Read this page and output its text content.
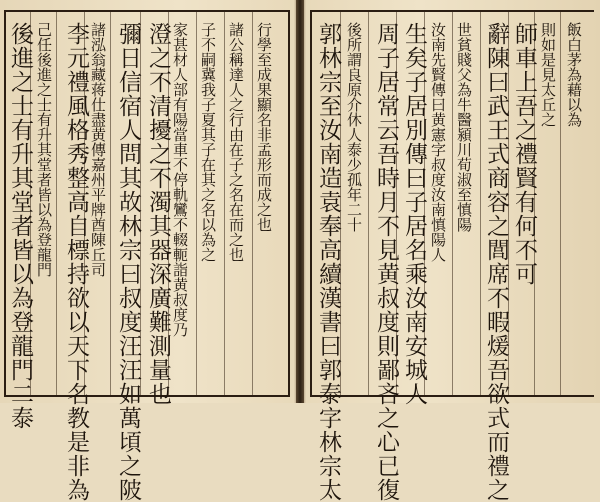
後進之士有升其堂者皆以為登龍門二泰 己任後進之士有升其堂者皆以為登龍門 李元禮風格秀整高自標持欲以天下名教是非為 諸泓翁藏蒋仕盡黄傳嘉州平牌酋陳丘司 彌日信宿人問其故林宗曰叔度汪汪如萬頃之陂 澄之不清擾之不濁其器深廣難測量也 家甚材人部有陽當車不停軌鸞不輟軛詣黄叔度乃 子不嗣冀我子夏其子在其之名以為之 諸公稱達人之行由在子之名在而之也 行學至成果顯名非孟形而成之也 郭林宗至汝南造袁奉高續漢書曰郭泰字林宗太 後所謂良原介休人泰少孤年二十 周子居常云吾時月不見黄叔度則鄙吝之心已復 生矣子居別傳曰子居名乘汝南安城人 汝南先賢傳曰黄憲字叔度汝南慎陽人 世貧賤父為牛醫潁川荀淑至慎陽 辭陳曰武王式商容之閭席不暇煖吾欲式而禮之 師車上吾之禮賢有何不可 則如是見太丘之 飯白茅為藉以為
